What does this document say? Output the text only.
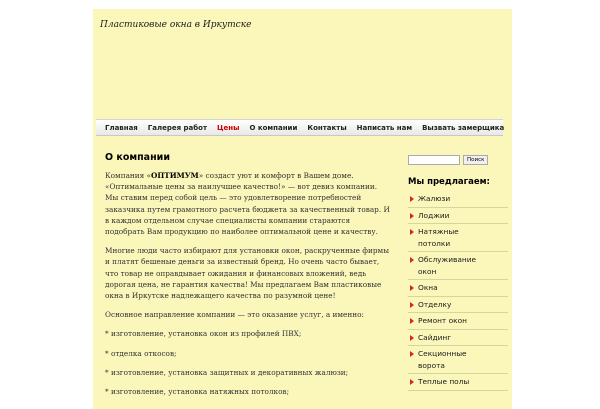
Пластиковые окна в Иркутске
Главная	Галерея работ	Цены	О компании	Контакты	Написать нам	Вызвать замерщика
О компании

Компания «ОПТИМУМ» создаст уют и комфорт в Вашем доме. «Оптимальные цены за наилучшее качество!» — вот девиз компании. Мы ставим перед собой цель — это удовлетворение потребностей заказчика путем грамотного расчета бюджета за качественный товар. И в каждом отдельном случае специалисты компании стараются подобрать Вам продукцию по наиболее оптимальной цене и качеству.

Многие люди часто избирают для установки окон, раскрученные фирмы и платят бешеные деньги за известный бренд. Но очень часто бывает, что товар не оправдывает ожидания и финансовых вложений, ведь дорогая цена, не гарантия качества! Мы предлагаем Вам пластиковые окна в Иркутске надлежащего качества по разумной цене!

Основное направление компании — это оказание услуг, а именно:

* изготовление, установка окон из профилей ПВХ;

* отделка откосов;

* изготовление, установка защитных и декоративных жалюзи;

* изготовление, установка натяжных потолков;

Поиск
Мы предлагаем:
Жалюзи
Лоджии
Натяжные потолки
Обслуживание окон
Окна
Отделку
Ремонт окон
Сайдинг
Секционные ворота
Теплые полы
